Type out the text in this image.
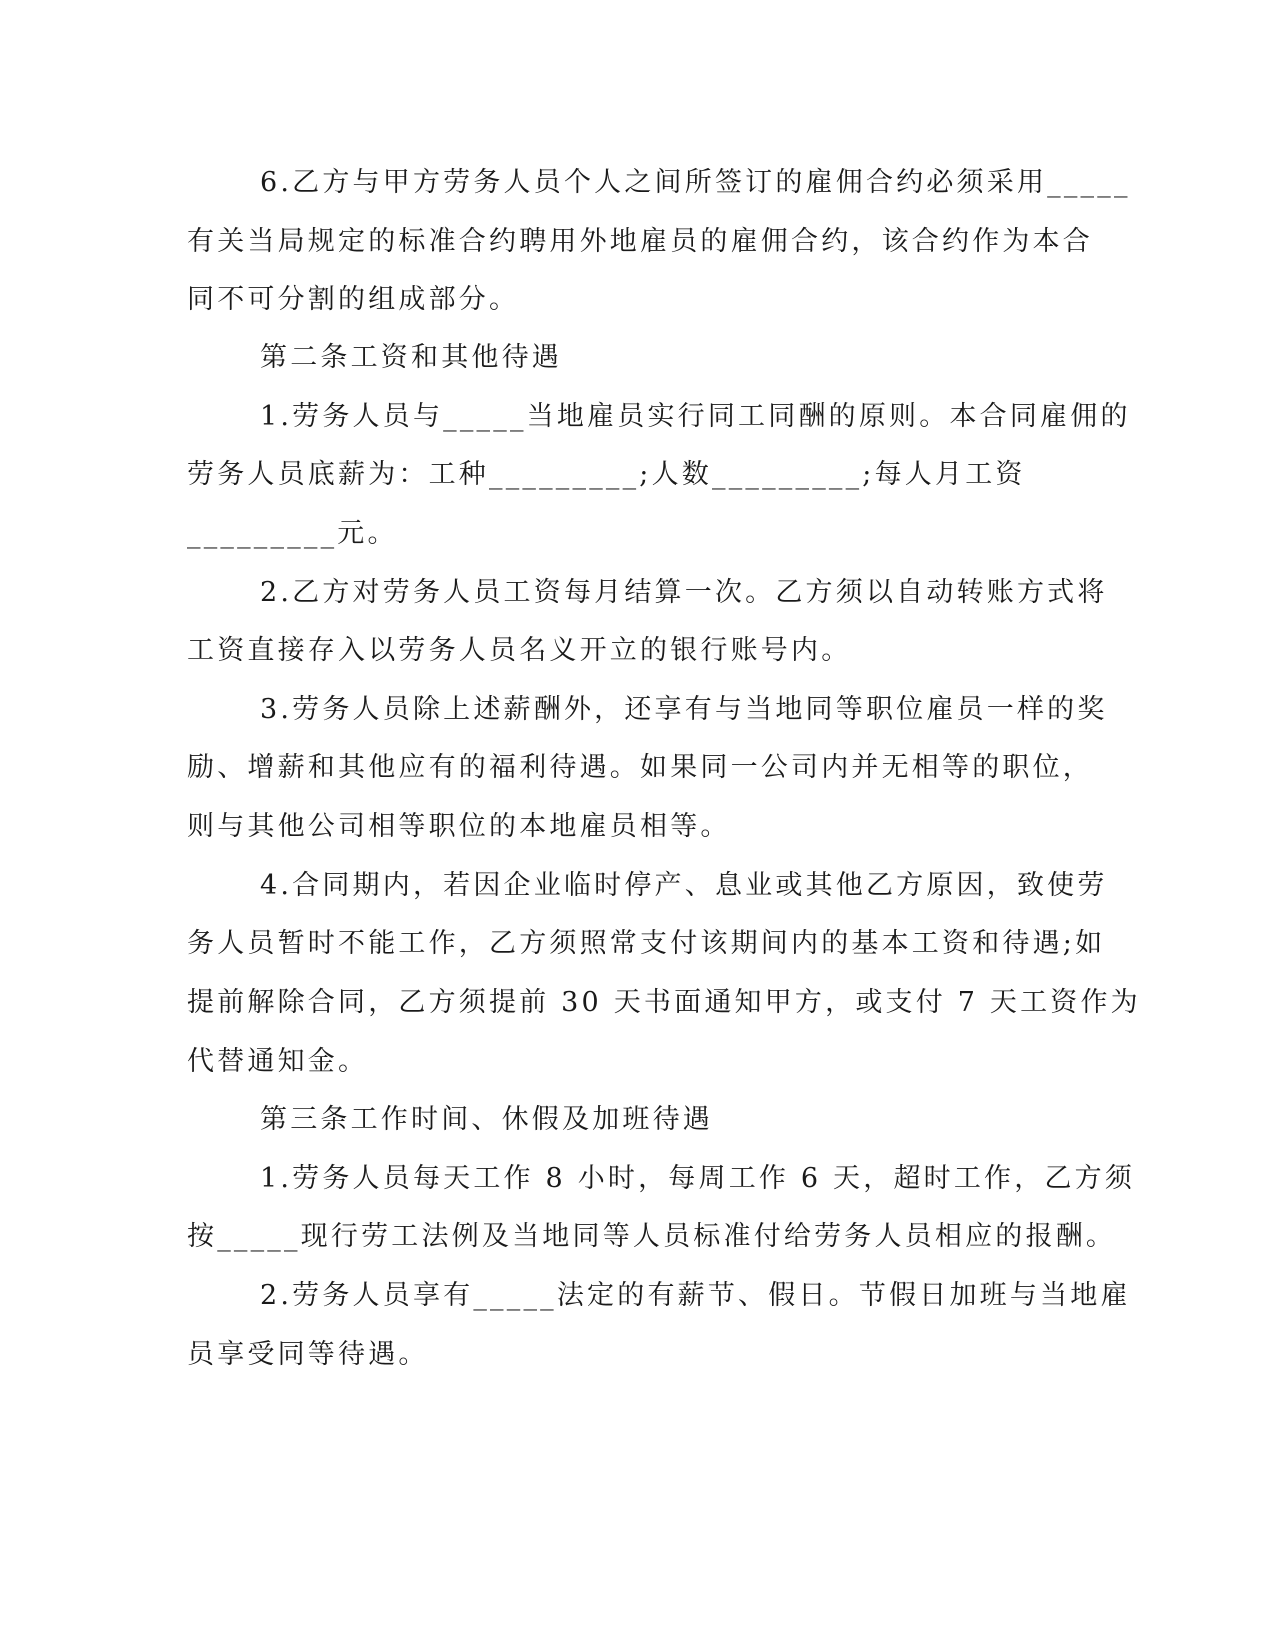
6.乙方与甲方劳务人员个人之间所签订的雇佣合约必须采用_____
有关当局规定的标准合约聘用外地雇员的雇佣合约，该合约作为本合
同不可分割的组成部分。
第二条工资和其他待遇
1.劳务人员与_____当地雇员实行同工同酬的原则。本合同雇佣的
劳务人员底薪为：工种_________;人数_________;每人月工资
_________元。
2.乙方对劳务人员工资每月结算一次。乙方须以自动转账方式将
工资直接存入以劳务人员名义开立的银行账号内。
3.劳务人员除上述薪酬外，还享有与当地同等职位雇员一样的奖
励、增薪和其他应有的福利待遇。如果同一公司内并无相等的职位，
则与其他公司相等职位的本地雇员相等。
4.合同期内，若因企业临时停产、息业或其他乙方原因，致使劳
务人员暂时不能工作，乙方须照常支付该期间内的基本工资和待遇;如
提前解除合同，乙方须提前 30 天书面通知甲方，或支付 7 天工资作为
代替通知金。
第三条工作时间、休假及加班待遇
1.劳务人员每天工作 8 小时，每周工作 6 天，超时工作，乙方须
按_____现行劳工法例及当地同等人员标准付给劳务人员相应的报酬。
2.劳务人员享有_____法定的有薪节、假日。节假日加班与当地雇
员享受同等待遇。
